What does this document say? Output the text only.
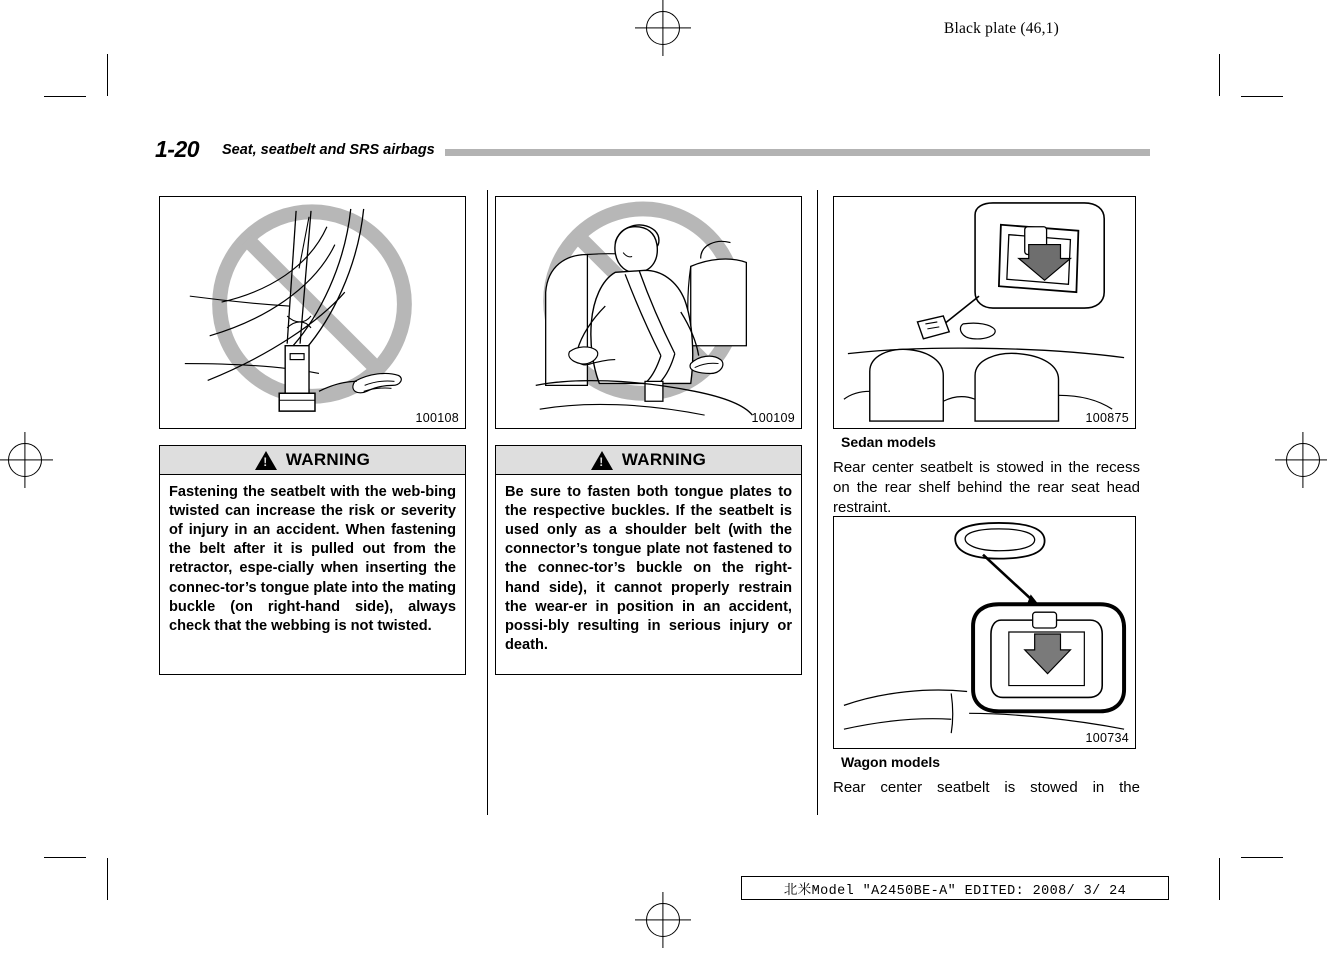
Black plate (46,1)
1-20 Seat, seatbelt and SRS airbags
100108
!
WARNING
Fastening the seatbelt with the web-bing twisted can increase the risk or severity of injury in an accident. When fastening the belt after it is pulled out from the retractor, espe-cially when inserting the connec-tor’s tongue plate into the mating buckle (on right-hand side), always check that the webbing is not twisted.
100109
!
WARNING
Be sure to fasten both tongue plates to the respective buckles. If the seatbelt is used only as a shoulder belt (with the connector’s tongue plate not fastened to the connec-tor’s buckle on the right-hand side), it cannot properly restrain the wear-er in position in an accident, possi-bly resulting in serious injury or death.
100875
Sedan models
Rear center seatbelt is stowed in the recess on the rear shelf behind the rear seat head restraint.
100734
Wagon models
Rear center seatbelt is stowed in the
北米Model ″A2450BE-A″ EDITED: 2008/ 3/ 24
